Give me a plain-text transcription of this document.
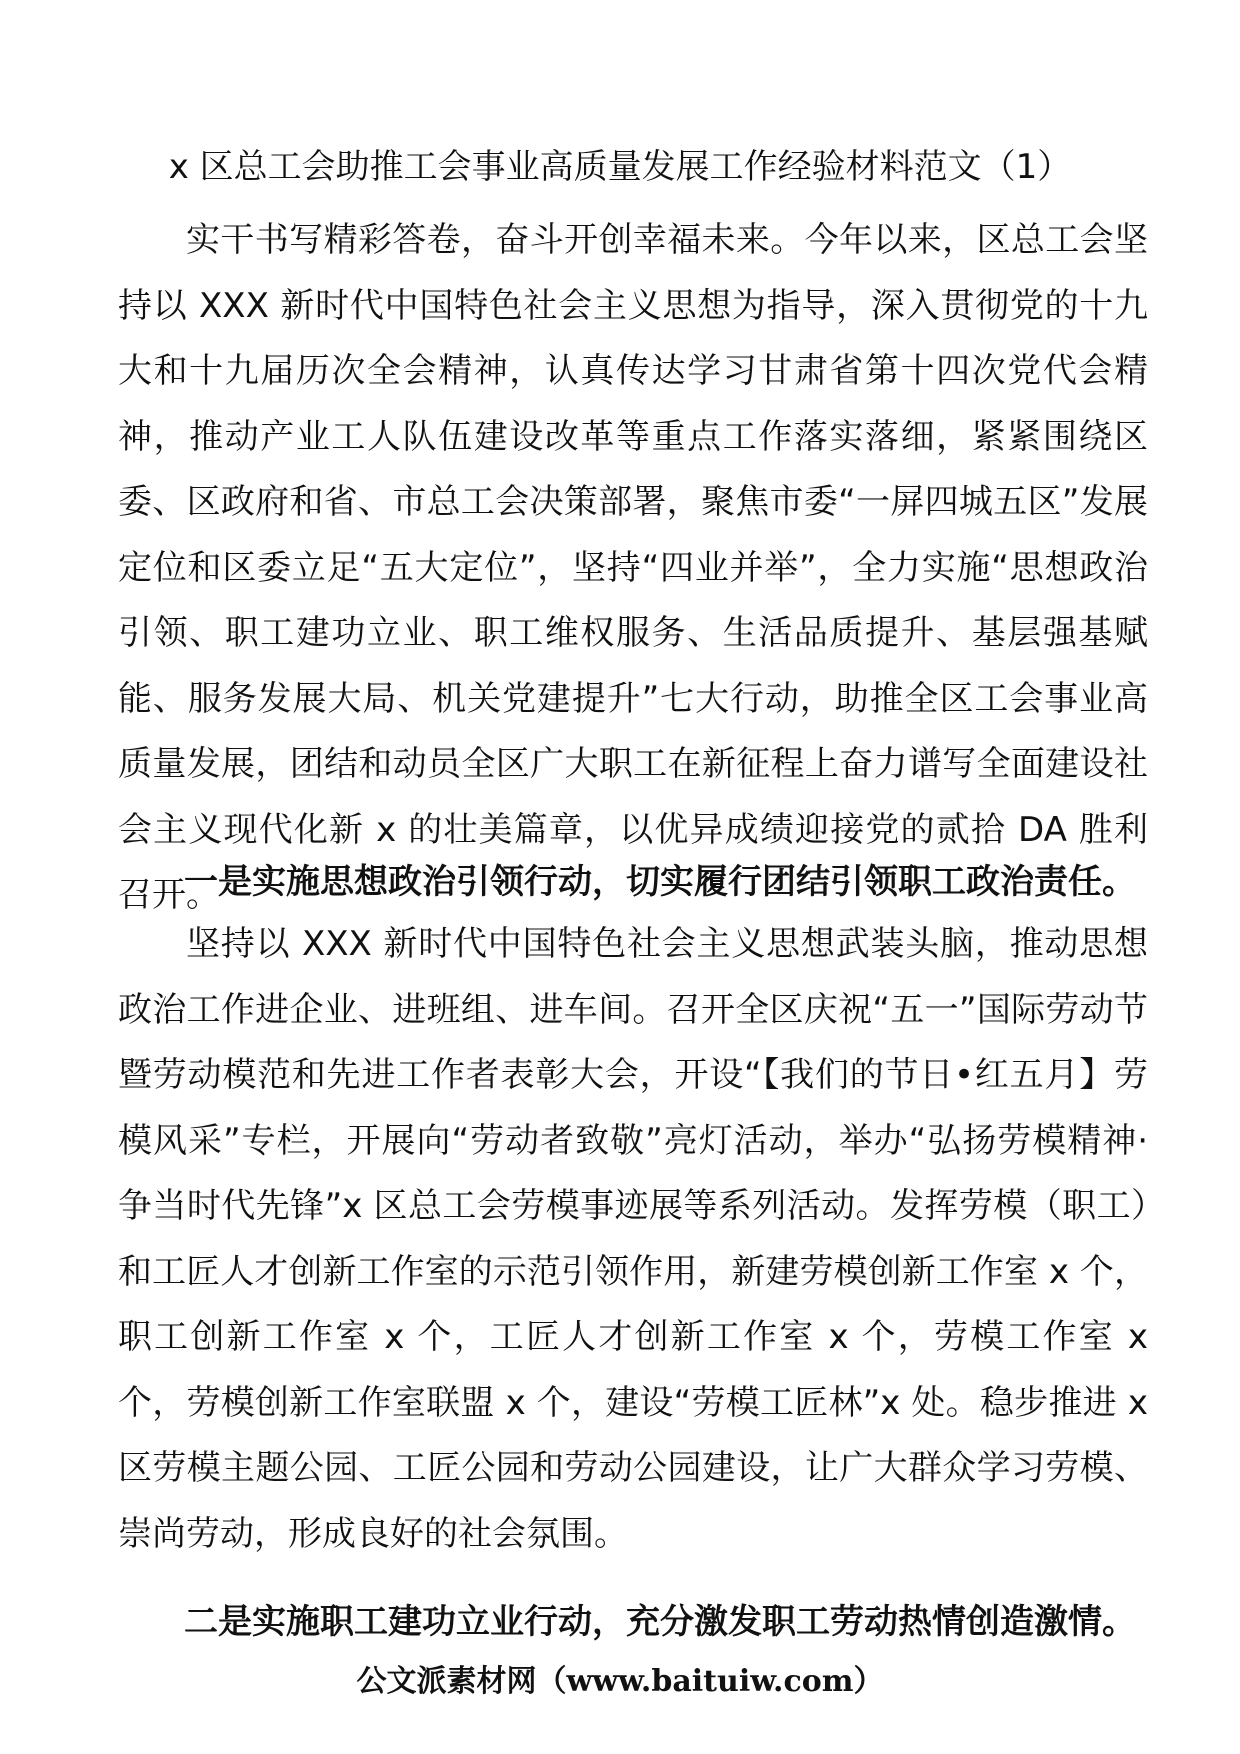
x 区总工会助推工会事业高质量发展工作经验材料范文（1）

实干书写精彩答卷，奋斗开创幸福未来。今年以来，区总工会坚持以 XXX 新时代中国特色社会主义思想为指导，深入贯彻党的十九大和十九届历次全会精神，认真传达学习甘肃省第十四次党代会精神，推动产业工人队伍建设改革等重点工作落实落细，紧紧围绕区委、区政府和省、市总工会决策部署，聚焦市委“一屏四城五区”发展定位和区委立足“五大定位”，坚持“四业并举”，全力实施“思想政治引领、职工建功立业、职工维权服务、生活品质提升、基层强基赋能、服务发展大局、机关党建提升”七大行动，助推全区工会事业高质量发展，团结和动员全区广大职工在新征程上奋力谱写全面建设社会主义现代化新 x 的壮美篇章，以优异成绩迎接党的贰拾 DA 胜利召开。

一是实施思想政治引领行动，切实履行团结引领职工政治责任。

坚持以 XXX 新时代中国特色社会主义思想武装头脑，推动思想政治工作进企业、进班组、进车间。召开全区庆祝“五一”国际劳动节暨劳动模范和先进工作者表彰大会，开设“【我们的节日•红五月】劳模风采”专栏，开展向“劳动者致敬”亮灯活动，举办“弘扬劳模精神·争当时代先锋”x 区总工会劳模事迹展等系列活动。发挥劳模（职工）和工匠人才创新工作室的示范引领作用，新建劳模创新工作室 x 个，职工创新工作室 x 个，工匠人才创新工作室 x 个，劳模工作室 x 个，劳模创新工作室联盟 x 个，建设“劳模工匠林”x 处。稳步推进 x 区劳模主题公园、工匠公园和劳动公园建设，让广大群众学习劳模、崇尚劳动，形成良好的社会氛围。

二是实施职工建功立业行动，充分激发职工劳动热情创造激情。

公文派素材网（www.baituiw.com）
